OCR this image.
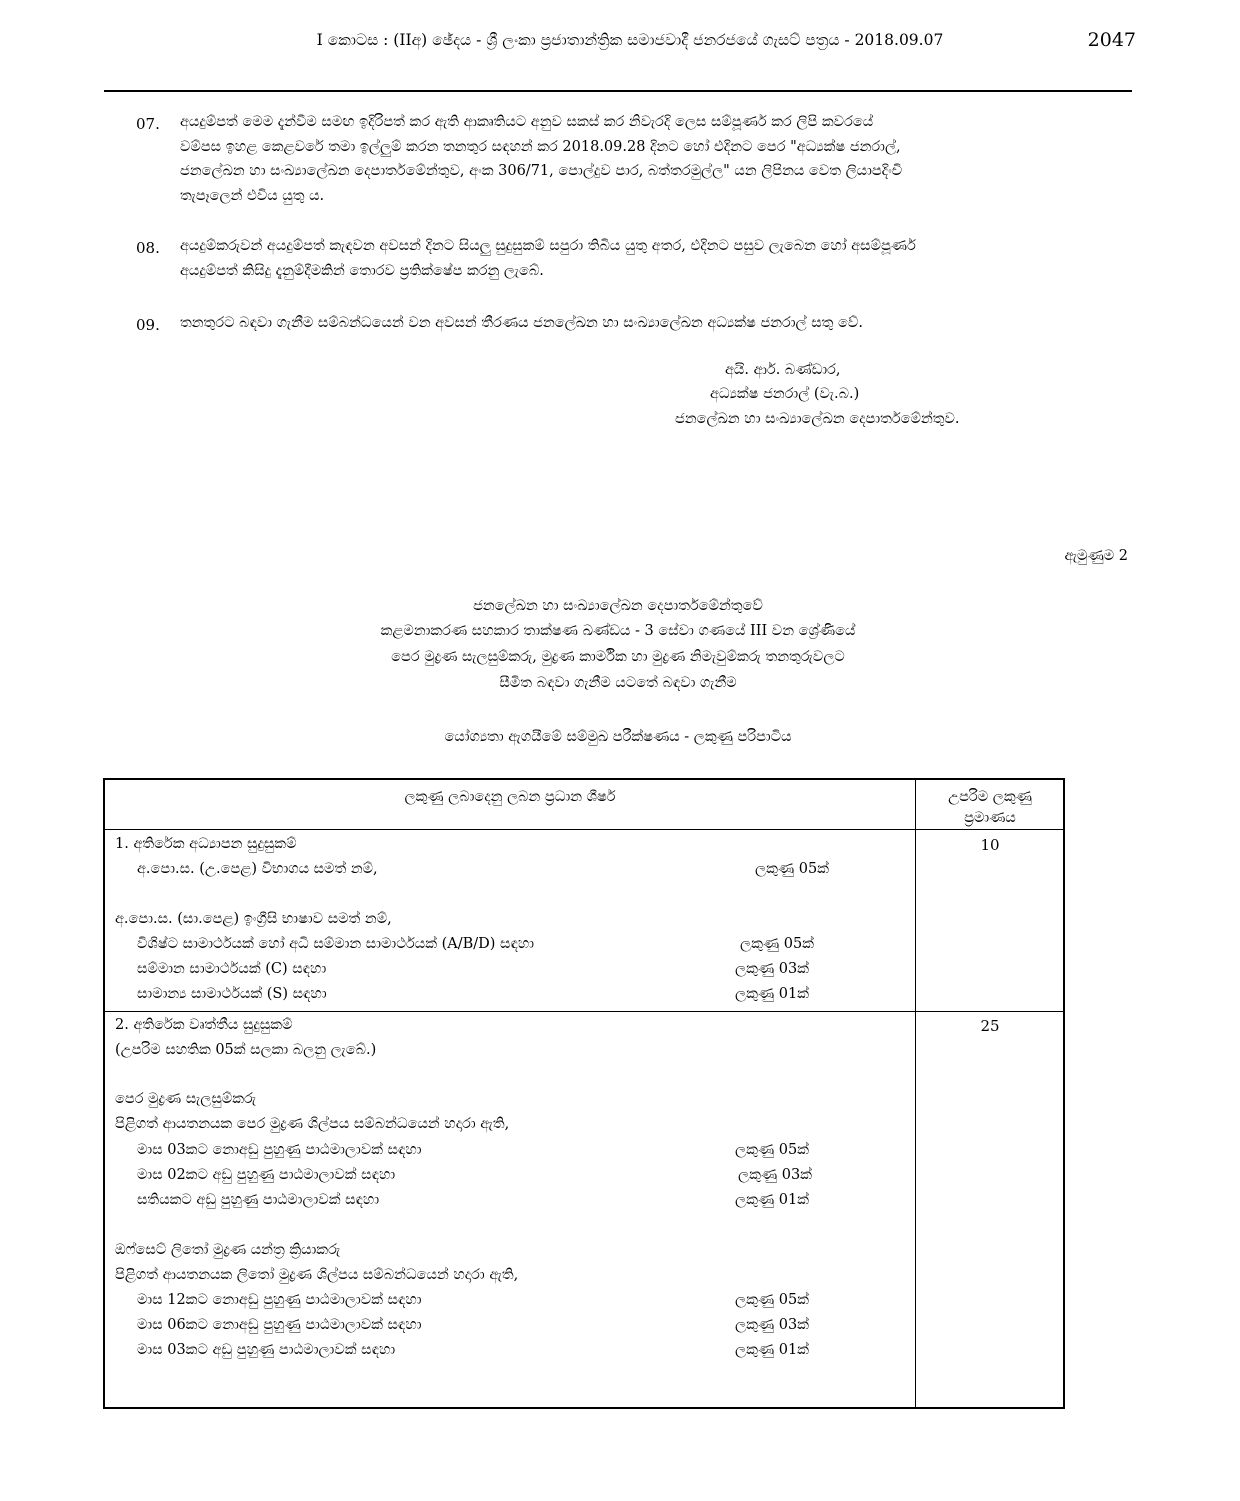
I කොටස : (IIඅ) ඡේදය - ශ්‍රී ලංකා ප්‍රජාතාන්ත්‍රික සමාජවාදී ජනරජයේ ගැසට් පත්‍රය - 2018.09.07	2047
07. අයදුම්පත් මෙම දැන්වීම සමඟ ඉදිරිපත් කර ඇති ආකෘතියට අනුව සකස් කර නිවැරදි ලෙස සම්පූර්ණ කර ලිපි කවරයේ
වම්පස ඉහළ කෙළවරේ තමා ඉල්ලුම් කරන තනතුර සඳහන් කර 2018.09.28 දිනට හෝ එදිනට පෙර "අධ්‍යක්ෂ ජනරාල්,
ජනලේඛන හා සංඛ්‍යාලේඛන දෙපාර්තමේන්තුව, අංක 306/71, පොල්දුව පාර, බත්තරමුල්ල" යන ලිපිනය වෙත ලියාපදිංචි
තැපෑලෙන් එවිය යුතු ය.
08. අයදුම්කරුවන් අයදුම්පත් කැඳවන අවසන් දිනට සියලු සුදුසුකම් සපුරා තිබිය යුතු අතර, එදිනට පසුව ලැබෙන හෝ අසම්පූර්ණ
අයදුම්පත් කිසිදු දැනුම්දීමකින් තොරව ප්‍රතික්ෂේප කරනු ලැබේ.
09. තනතුරට බඳවා ගැනීම සම්බන්ධයෙන් වන අවසන් තීරණය ජනලේඛන හා සංඛ්‍යාලේඛන අධ්‍යක්ෂ ජනරාල් සතු වේ.
අයි. ආර්. බණ්ඩාර,
අධ්‍යක්ෂ ජනරාල් (වැ.බ.)
ජනලේඛන හා සංඛ්‍යාලේඛන දෙපාර්තමේන්තුව.
ඇමුණුම 2
ජනලේඛන හා සංඛ්‍යාලේඛන දෙපාර්තමේන්තුවේ
කළමනාකරණ සහකාර තාක්ෂණ ඛණ්ඩය - 3 සේවා ගණයේ III වන ශ්‍රේණියේ
පෙර මුද්‍රණ සැලසුම්කරු, මුද්‍රණ කාර්මික හා මුද්‍රණ නිමැවුම්කරු තනතුරුවලට
සීමිත බඳවා ගැනීම යටතේ බඳවා ගැනීම
යෝග්‍යතා ඇගයීමේ සම්මුඛ පරීක්ෂණය - ලකුණු පරිපාටිය
ලකුණු ලබාදෙනු ලබන ප්‍රධාන ශීර්ෂ	උපරිම ලකුණු
ප්‍රමාණය
1. අතිරේක අධ්‍යාපන සුදුසුකම්	10
අ.පො.ස. (උ.පෙළ) විභාගය සමත් නම්,	ලකුණු 05ක්
අ.පො.ස. (සා.පෙළ) ඉංග්‍රීසි භාෂාව සමත් නම්,
විශිෂ්ට සාමාර්ථයක් හෝ අධි සම්මාන සාමාර්ථයක් (A/B/D) සඳහා	ලකුණු 05ක්
සම්මාන සාමාර්ථයක් (C) සඳහා	ලකුණු 03ක්
සාමාන්‍ය සාමාර්ථයක් (S) සඳහා	ලකුණු 01ක්
2. අතිරේක වෘත්තීය සුදුසුකම්	25
(උපරිම සහතික 05ක් සලකා බලනු ලැබේ.)
පෙර මුද්‍රණ සැලසුම්කරු
පිළිගත් ආයතනයක පෙර මුද්‍රණ ශිල්පය සම්බන්ධයෙන් හදාරා ඇති,
මාස 03කට නොඅඩු පුහුණු පාඨමාලාවක් සඳහා	ලකුණු 05ක්
මාස 02කට අඩු පුහුණු පාඨමාලාවක් සඳහා	ලකුණු 03ක්
සතියකට අඩු පුහුණු පාඨමාලාවක් සඳහා	ලකුණු 01ක්
ඔෆ්සෙට් ලිතෝ මුද්‍රණ යන්ත්‍ර ක්‍රියාකරු
පිළිගත් ආයතනයක ලිතෝ මුද්‍රණ ශිල්පය සම්බන්ධයෙන් හදාරා ඇති,
මාස 12කට නොඅඩු පුහුණු පාඨමාලාවක් සඳහා	ලකුණු 05ක්
මාස 06කට නොඅඩු පුහුණු පාඨමාලාවක් සඳහා	ලකුණු 03ක්
මාස 03කට අඩු පුහුණු පාඨමාලාවක් සඳහා	ලකුණු 01ක්
